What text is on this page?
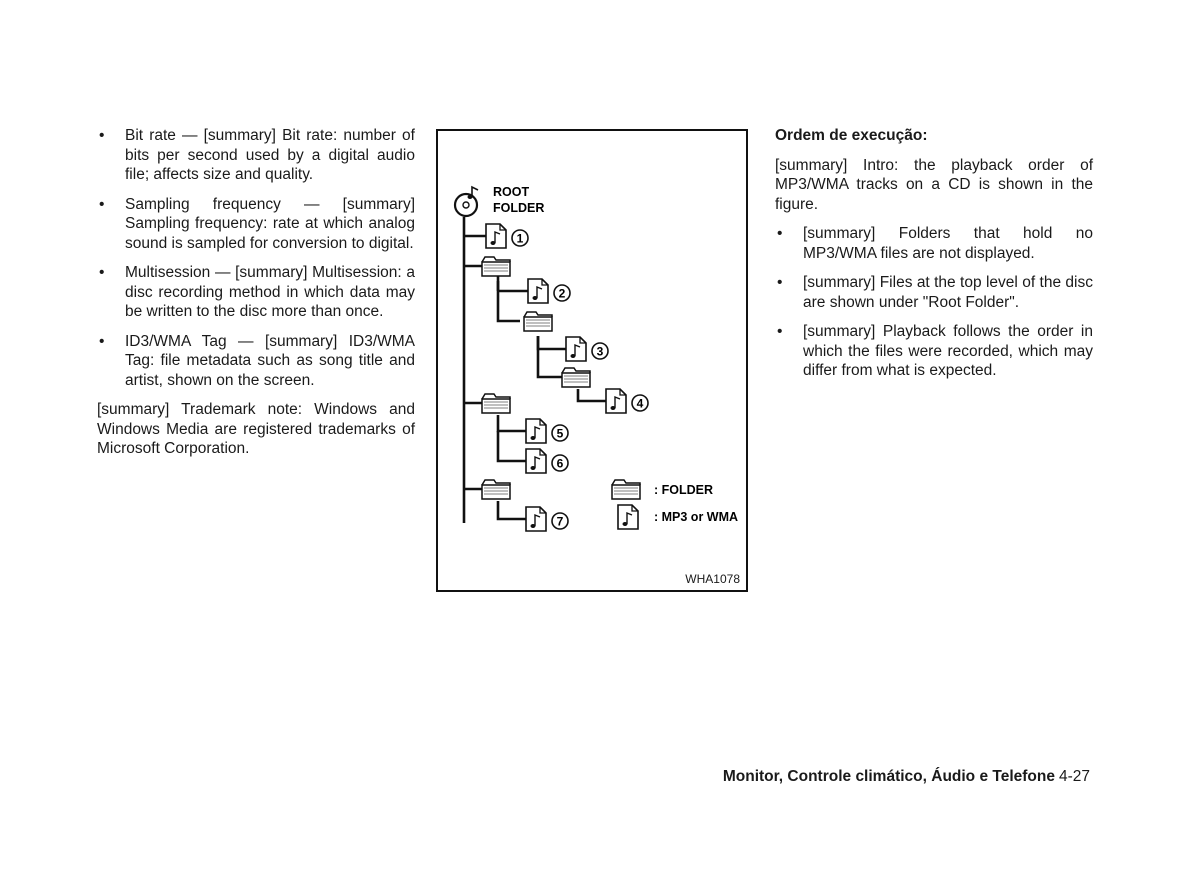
• Bit rate — [summary] Bit rate: number of bits per second used by a digital audio file; affects size and quality.
• Sampling frequency — [summary] Sampling frequency: rate at which analog sound is sampled for conversion to digital.
• Multisession — [summary] Multisession: a disc recording method in which data may be written to the disc more than once.
• ID3/WMA Tag — [summary] ID3/WMA Tag: file metadata such as song title and artist, shown on the screen.
[summary] Trademark note: Windows and Windows Media are registered trademarks of Microsoft Corporation.
ROOT
FOLDER
1
2
3
4
5
6
7
: FOLDER
: MP3 or WMA
WHA1078
Ordem de execução:
[summary] Intro: the playback order of MP3/WMA tracks on a CD is shown in the figure.
• [summary] Folders that hold no MP3/WMA files are not displayed.
• [summary] Files at the top level of the disc are shown under "Root Folder".
• [summary] Playback follows the order in which the files were recorded, which may differ from what is expected.
Monitor, Controle climático, Áudio e Telefone 4-27
